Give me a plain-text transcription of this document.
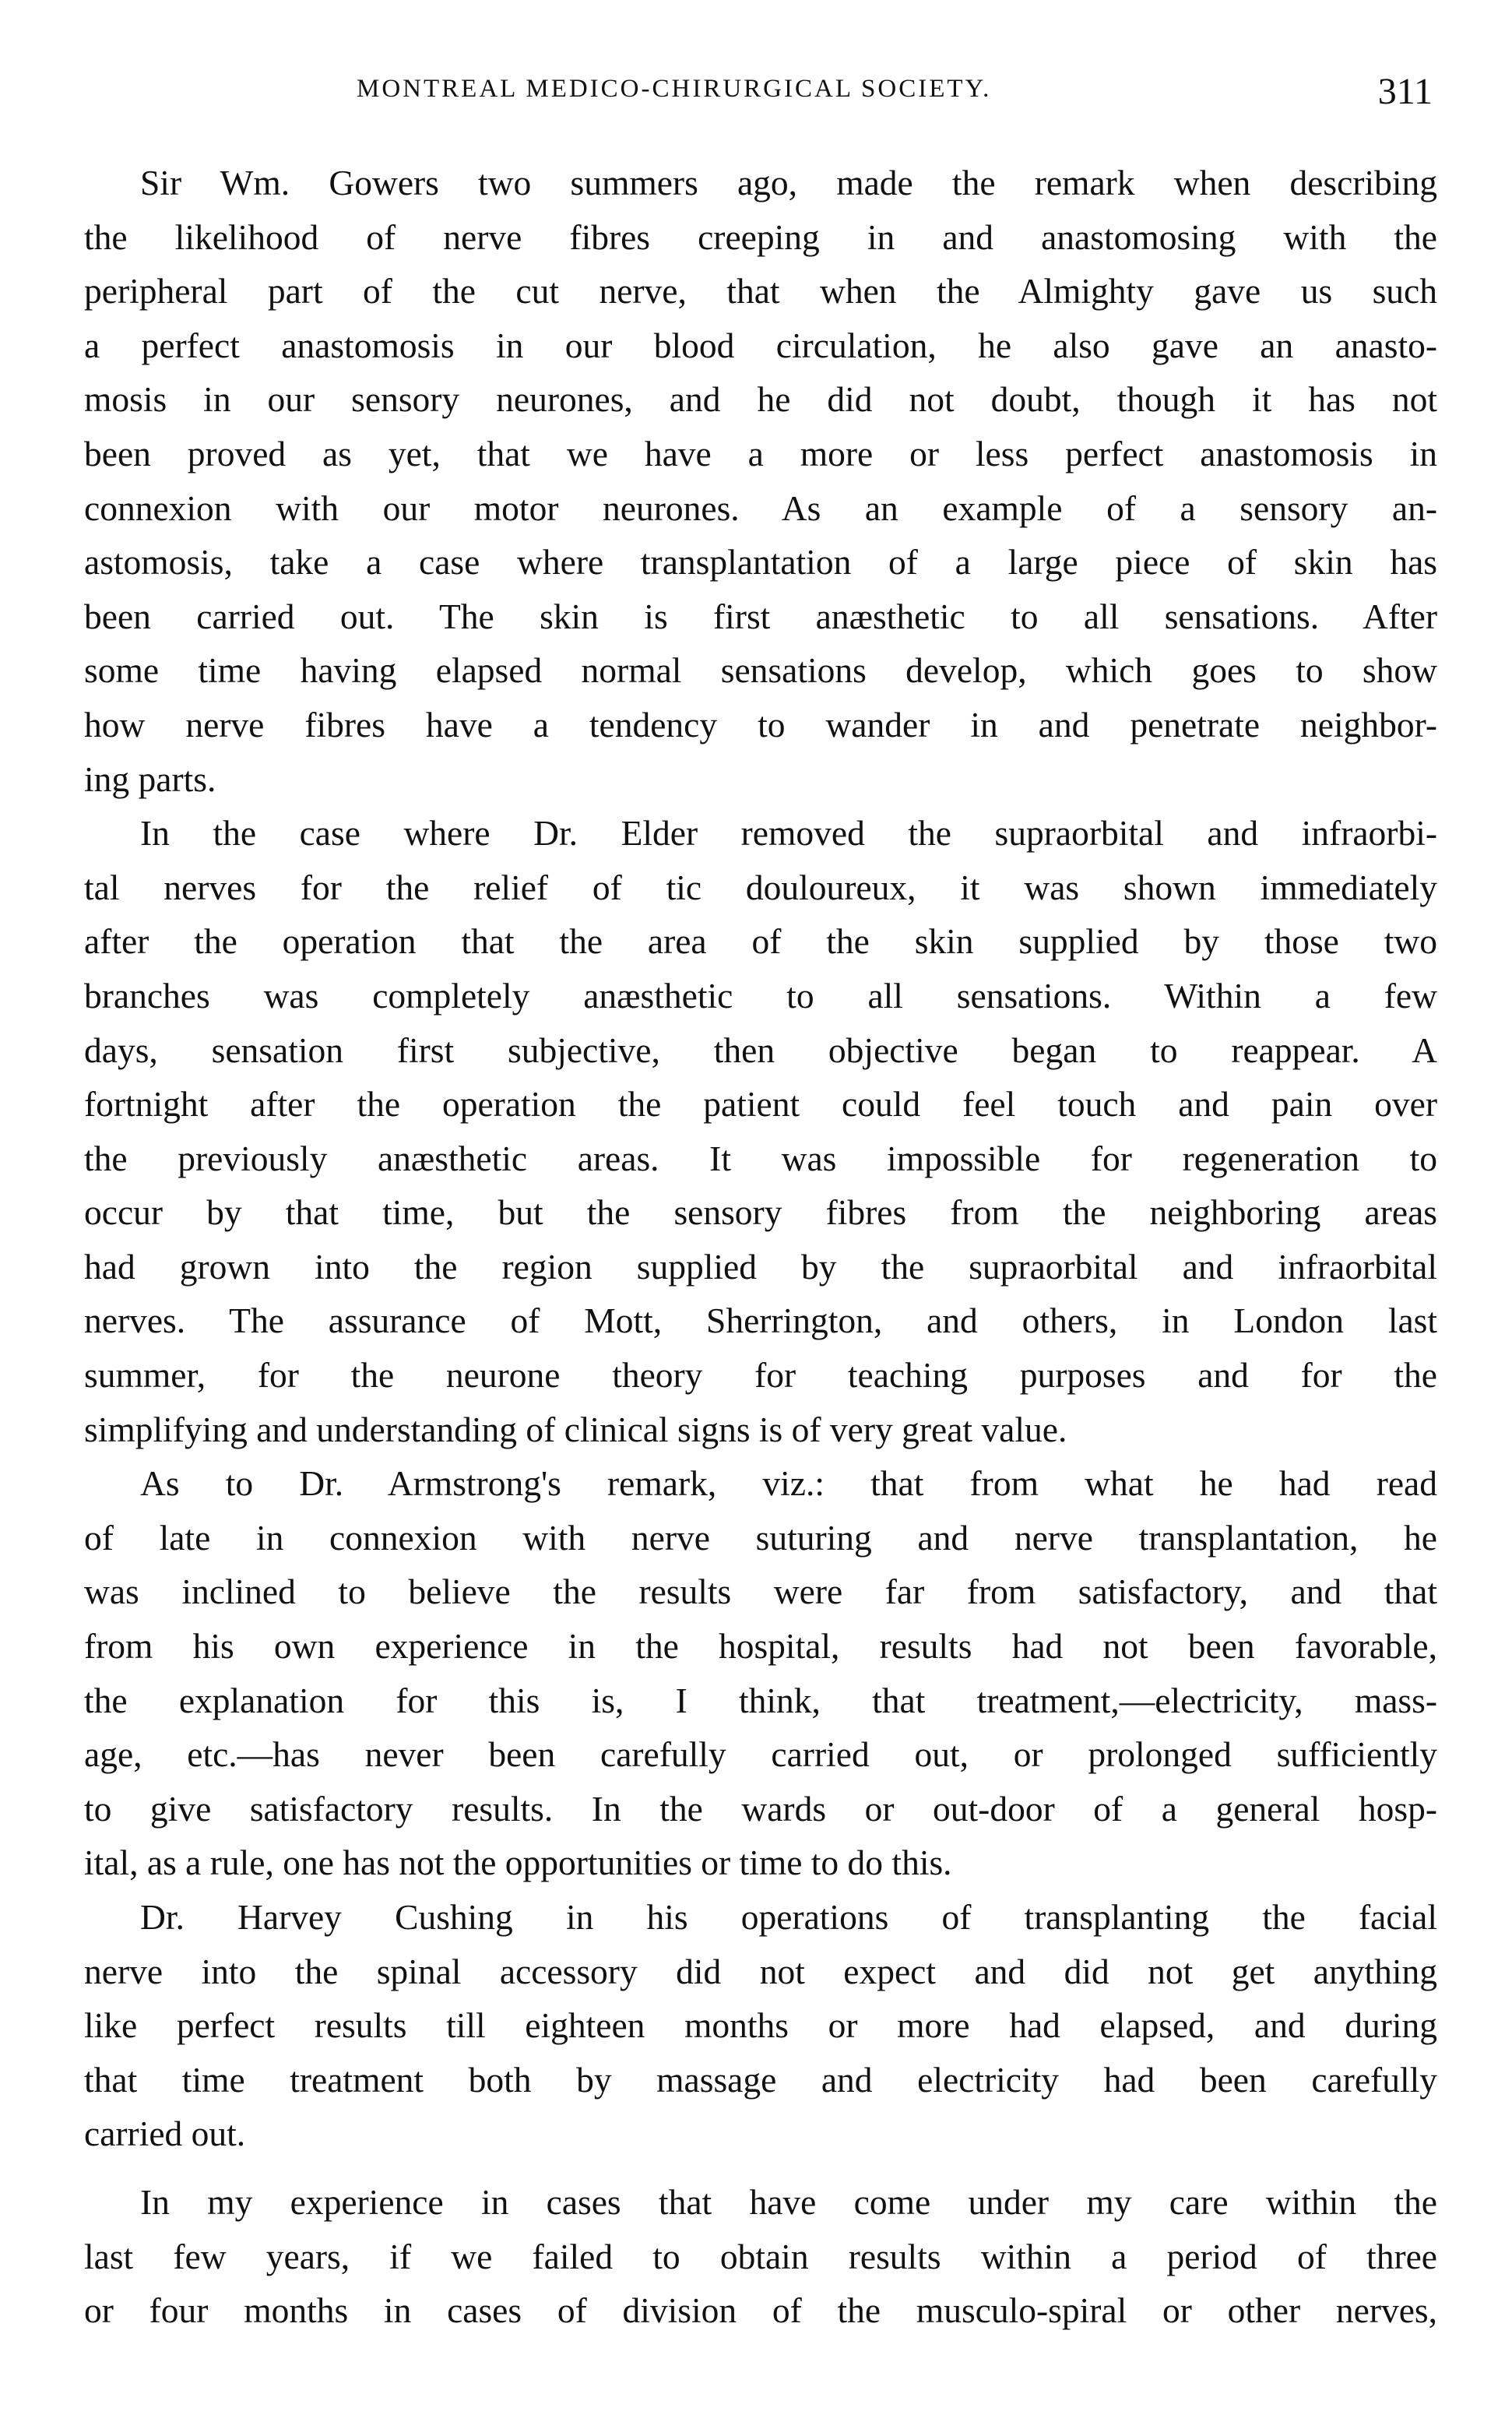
MONTREAL MEDICO-CHIRURGICAL SOCIETY.	311
Sir Wm. Gowers two summers ago, made the remark when describing
the likelihood of nerve fibres creeping in and anastomosing with the
peripheral part of the cut nerve, that when the Almighty gave us such
a perfect anastomosis in our blood circulation, he also gave an anasto-
mosis in our sensory neurones, and he did not doubt, though it has not
been proved as yet, that we have a more or less perfect anastomosis in
connexion with our motor neurones. As an example of a sensory an-
astomosis, take a case where transplantation of a large piece of skin has
been carried out. The skin is first anæsthetic to all sensations. After
some time having elapsed normal sensations develop, which goes to show
how nerve fibres have a tendency to wander in and penetrate neighbor-
ing parts.
In the case where Dr. Elder removed the supraorbital and infraorbi-
tal nerves for the relief of tic douloureux, it was shown immediately
after the operation that the area of the skin supplied by those two
branches was completely anæsthetic to all sensations. Within a few
days, sensation first subjective, then objective began to reappear. A
fortnight after the operation the patient could feel touch and pain over
the previously anæsthetic areas. It was impossible for regeneration to
occur by that time, but the sensory fibres from the neighboring areas
had grown into the region supplied by the supraorbital and infraorbital
nerves. The assurance of Mott, Sherrington, and others, in London last
summer, for the neurone theory for teaching purposes and for the
simplifying and understanding of clinical signs is of very great value.
As to Dr. Armstrong's remark, viz.: that from what he had read
of late in connexion with nerve suturing and nerve transplantation, he
was inclined to believe the results were far from satisfactory, and that
from his own experience in the hospital, results had not been favorable,
the explanation for this is, I think, that treatment,—electricity, mass-
age, etc.—has never been carefully carried out, or prolonged sufficiently
to give satisfactory results. In the wards or out-door of a general hosp-
ital, as a rule, one has not the opportunities or time to do this.
Dr. Harvey Cushing in his operations of transplanting the facial
nerve into the spinal accessory did not expect and did not get anything
like perfect results till eighteen months or more had elapsed, and during
that time treatment both by massage and electricity had been carefully
carried out.
In my experience in cases that have come under my care within the
last few years, if we failed to obtain results within a period of three
or four months in cases of division of the musculo-spiral or other nerves,
